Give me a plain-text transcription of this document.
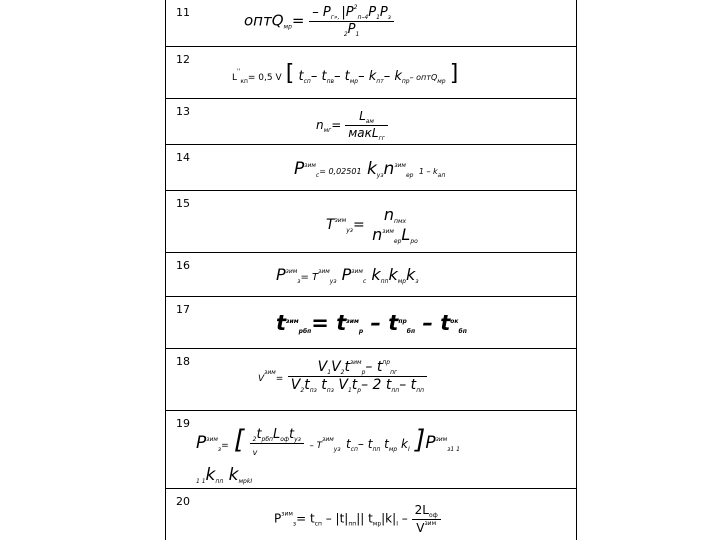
11	оптQ$_{мр}$= $\frac{- P_{г»,} |P^2_{п-4}P_1P_з}{_2P_1}$
12
$L''_{кп}= 0,5$ V [ $t_{сп}-$ $t_{пв}-$ $t_{мр}-$ $k_{пт}-$ $k_{пр}-$ оптQ$_{мр}$ ]
13
$n_{мг}= \frac{L_{ам}}{макL_{гг}}$
14
$P^{зим}_с= 0,02501$ $k_{уз}n^{зим}_{ер}$ $1 - k_{ап}$
15
$T^{зим}_{уз}=$
$n_{пмх}$
$n^{зим}_{ер}L_{ро}$
16	$P^{зим}_з= T^{зим}_{уз}$ $P^{зим}_с$ $k_{пп}k_{мр}k_з$
17
$t^{зим}_{рбп}= t^{зим}_р - t^{пр}_{бп} - t^{ок}_{бп}$
18
$V^{зим}= \frac{V_1V_2t^{зим}_р- t^{пр}_{пг}}{V_2t_{пз} t_{пз} V_1t_р- 2 t_{пп}- t_{пп}}$
19
$P^{зим}_з=$ [ $\frac{_2t_{рбп}L_{оф}t_{уз}}{v} - T^{зим}_{уз}$ $t_{сп}-$ $t_{пп}$ $t_{мр}$ $k_I$ ]$P^{зим}_{з1 1}$
$_{1 1}k_{пп}$ $k_{мрkI}$
20
$P^{зим}_з= t_{сп} - |t|_{пп}||$ $t_{мр}|k|_I - \frac{2L_{оф}}{V^{зим}}$
